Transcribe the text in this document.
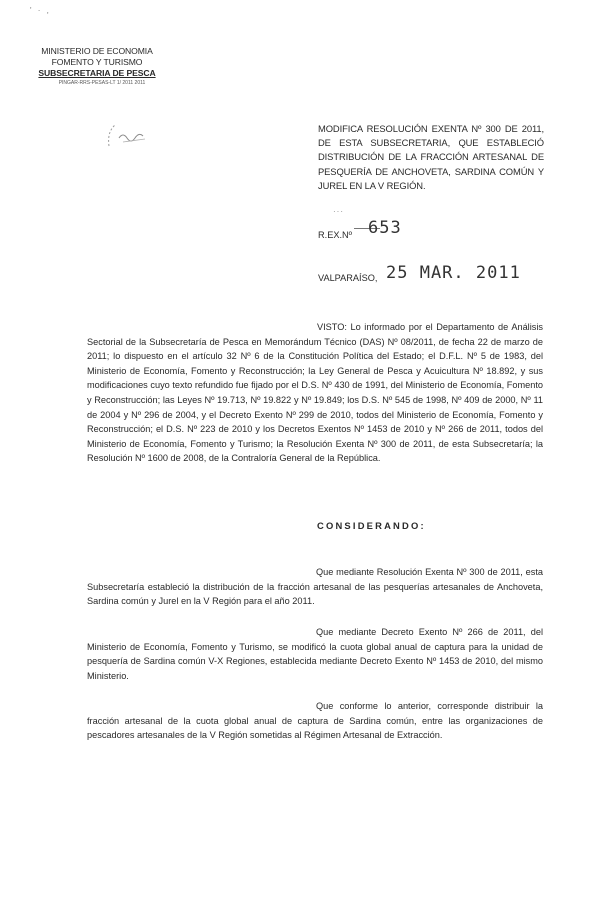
' · ,
MINISTERIO DE ECONOMIA
FOMENTO Y TURISMO
SUBSECRETARIA DE PESCA
PINGAR-RRS-PESAS-LT 1/ 2011 2011
MODIFICA RESOLUCIÓN EXENTA Nº 300 DE 2011, DE ESTA SUBSECRETARIA, QUE ESTABLECIÓ DISTRIBUCIÓN DE LA FRACCIÓN ARTESANAL DE PESQUERÍA DE ANCHOVETA, SARDINA COMÚN Y JUREL EN LA V REGIÓN.
···
R.EX.Nº 653
VALPARAÍSO, 25 MAR. 2011
VISTO: Lo informado por el Departamento de Análisis Sectorial de la Subsecretaría de Pesca en Memorándum Técnico (DAS) Nº 08/2011, de fecha 22 de marzo de 2011; lo dispuesto en el artículo 32 Nº 6 de la Constitución Política del Estado; el D.F.L. Nº 5 de 1983, del Ministerio de Economía, Fomento y Reconstrucción; la Ley General de Pesca y Acuicultura Nº 18.892, y sus modificaciones cuyo texto refundido fue fijado por el D.S. Nº 430 de 1991, del Ministerio de Economía, Fomento y Reconstrucción; las Leyes Nº 19.713, Nº 19.822 y Nº 19.849; los D.S. Nº 545 de 1998, Nº 409 de 2000, Nº 11 de 2004 y Nº 296 de 2004, y el Decreto Exento Nº 299 de 2010, todos del Ministerio de Economía, Fomento y Reconstrucción; el D.S. Nº 223 de 2010 y los Decretos Exentos Nº 1453 de 2010 y Nº 266 de 2011, todos del Ministerio de Economía, Fomento y Turismo; la Resolución Exenta Nº 300 de 2011, de esta Subsecretaría; la Resolución Nº 1600 de 2008, de la Contraloría General de la República.
CONSIDERANDO:
Que mediante Resolución Exenta Nº 300 de 2011, esta Subsecretaría estableció la distribución de la fracción artesanal de las pesquerías artesanales de Anchoveta, Sardina común y Jurel en la V Región para el año 2011.
Que mediante Decreto Exento Nº 266 de 2011, del Ministerio de Economía, Fomento y Turismo, se modificó la cuota global anual de captura para la unidad de pesquería de Sardina común V-X Regiones, establecida mediante Decreto Exento Nº 1453 de 2010, del mismo Ministerio.
Que conforme lo anterior, corresponde distribuir la fracción artesanal de la cuota global anual de captura de Sardina común, entre las organizaciones de pescadores artesanales de la V Región sometidas al Régimen Artesanal de Extracción.
